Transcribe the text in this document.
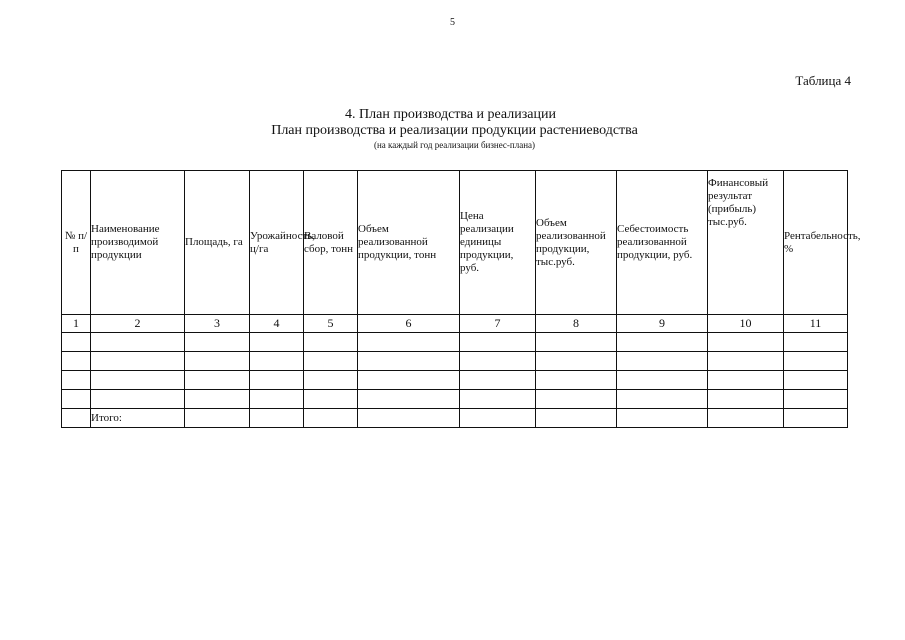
5
Таблица 4
4. План производства и реализации
План производства и реализации продукции растениеводства
(на каждый год реализации бизнес-плана)
№ п/п	Наименование производимой продукции	Площадь, га	Урожайность, ц/га	Валовой сбор, тонн	Объем реализованной продукции, тонн	Цена реализации единицы продукции, руб.	Объем реализованной продукции, тыс.руб.	Себестоимость реализованной продукции, руб.	Финансовый результат (прибыль) тыс.руб.	Рентабельность, %
1	2	3	4	5	6	7	8	9	10	11

	Итого:									
